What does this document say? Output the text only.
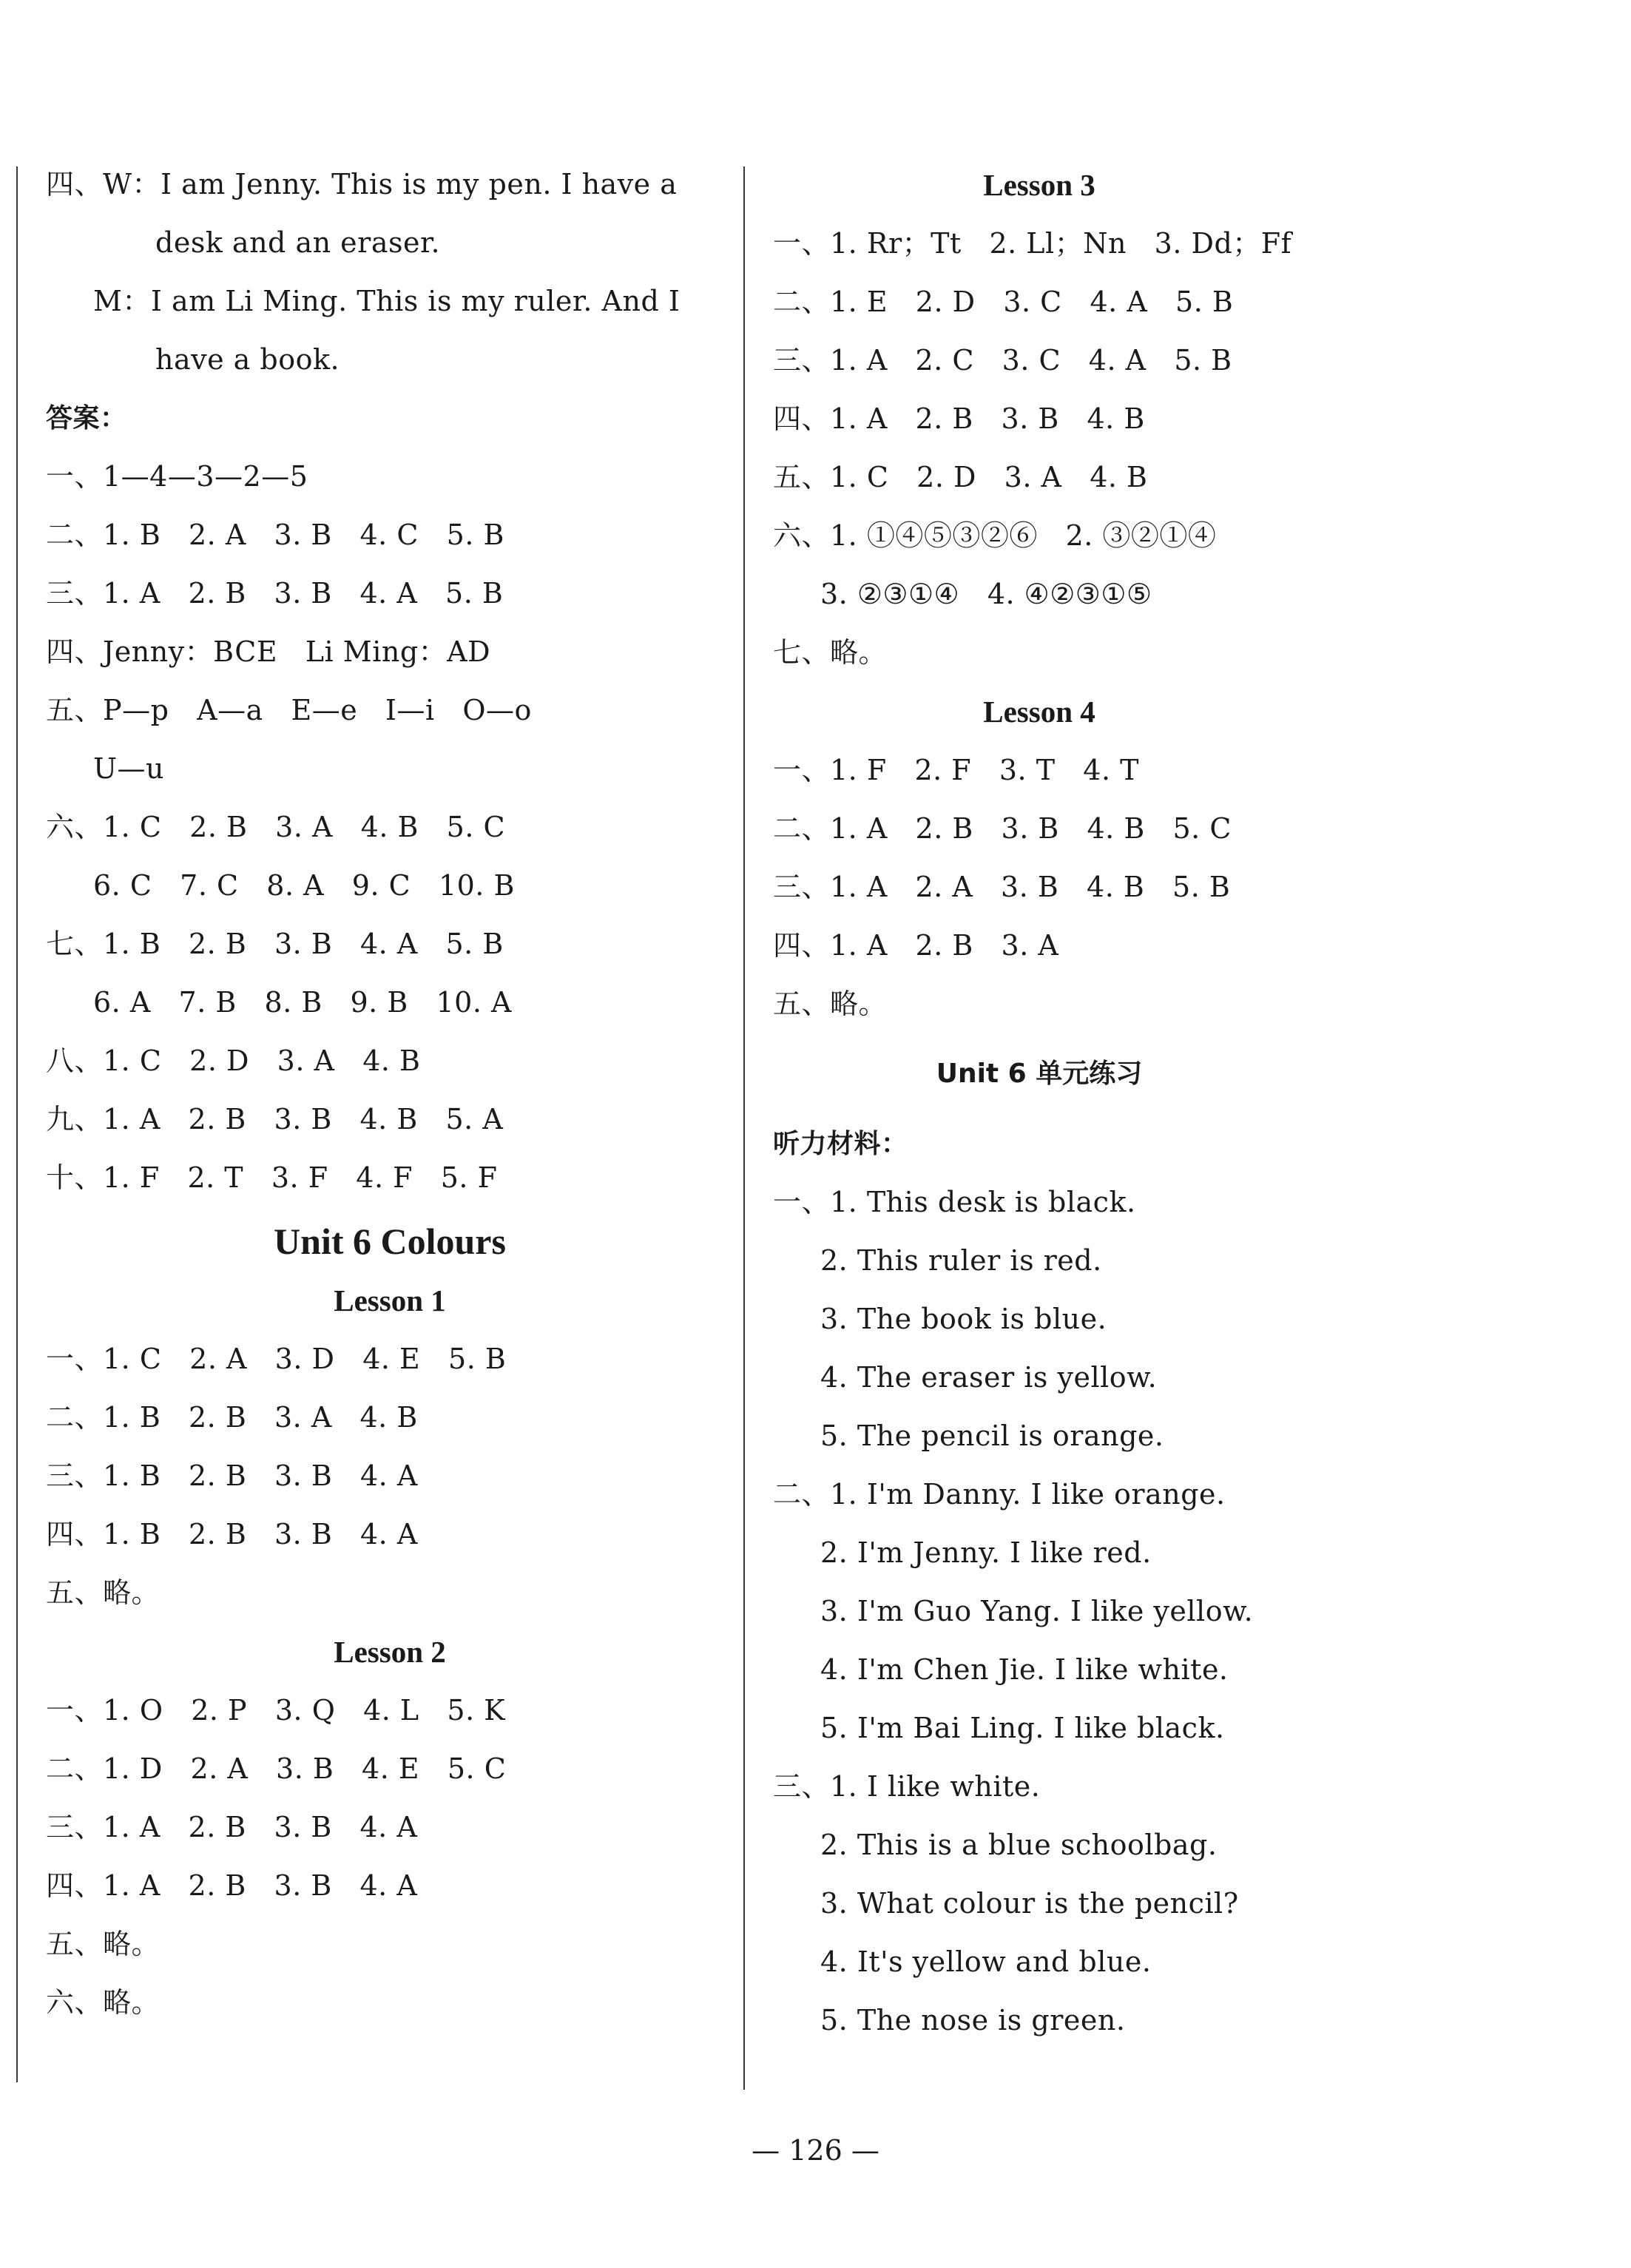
四、W：I am Jenny. This is my pen. I have a
desk and an eraser.
M：I am Li Ming. This is my ruler. And I
have a book.
答案：
一、1—4—3—2—5
二、1. B   2. A   3. B   4. C   5. B
三、1. A   2. B   3. B   4. A   5. B
四、Jenny：BCE   Li Ming：AD
五、P—p   A—a   E—e   I—i   O—o
U—u
六、1. C   2. B   3. A   4. B   5. C
6. C   7. C   8. A   9. C   10. B
七、1. B   2. B   3. B   4. A   5. B
6. A   7. B   8. B   9. B   10. A
八、1. C   2. D   3. A   4. B
九、1. A   2. B   3. B   4. B   5. A
十、1. F   2. T   3. F   4. F   5. F
Unit 6 Colours
Lesson 1
一、1. C   2. A   3. D   4. E   5. B
二、1. B   2. B   3. A   4. B
三、1. B   2. B   3. B   4. A
四、1. B   2. B   3. B   4. A
五、略。
Lesson 2
一、1. O   2. P   3. Q   4. L   5. K
二、1. D   2. A   3. B   4. E   5. C
三、1. A   2. B   3. B   4. A
四、1. A   2. B   3. B   4. A
五、略。
六、略。
Lesson 3
一、1. Rr；Tt   2. Ll；Nn   3. Dd；Ff
二、1. E   2. D   3. C   4. A   5. B
三、1. A   2. C   3. C   4. A   5. B
四、1. A   2. B   3. B   4. B
五、1. C   2. D   3. A   4. B
六、1. ①④⑤③②⑥   2. ③②①④
3. ②③①④   4. ④②③①⑤
七、略。
Lesson 4
一、1. F   2. F   3. T   4. T
二、1. A   2. B   3. B   4. B   5. C
三、1. A   2. A   3. B   4. B   5. B
四、1. A   2. B   3. A
五、略。
Unit 6 单元练习
听力材料：
一、1. This desk is black.
2. This ruler is red.
3. The book is blue.
4. The eraser is yellow.
5. The pencil is orange.
二、1. I'm Danny. I like orange.
2. I'm Jenny. I like red.
3. I'm Guo Yang. I like yellow.
4. I'm Chen Jie. I like white.
5. I'm Bai Ling. I like black.
三、1. I like white.
2. This is a blue schoolbag.
3. What colour is the pencil?
4. It's yellow and blue.
5. The nose is green.
— 126 —
